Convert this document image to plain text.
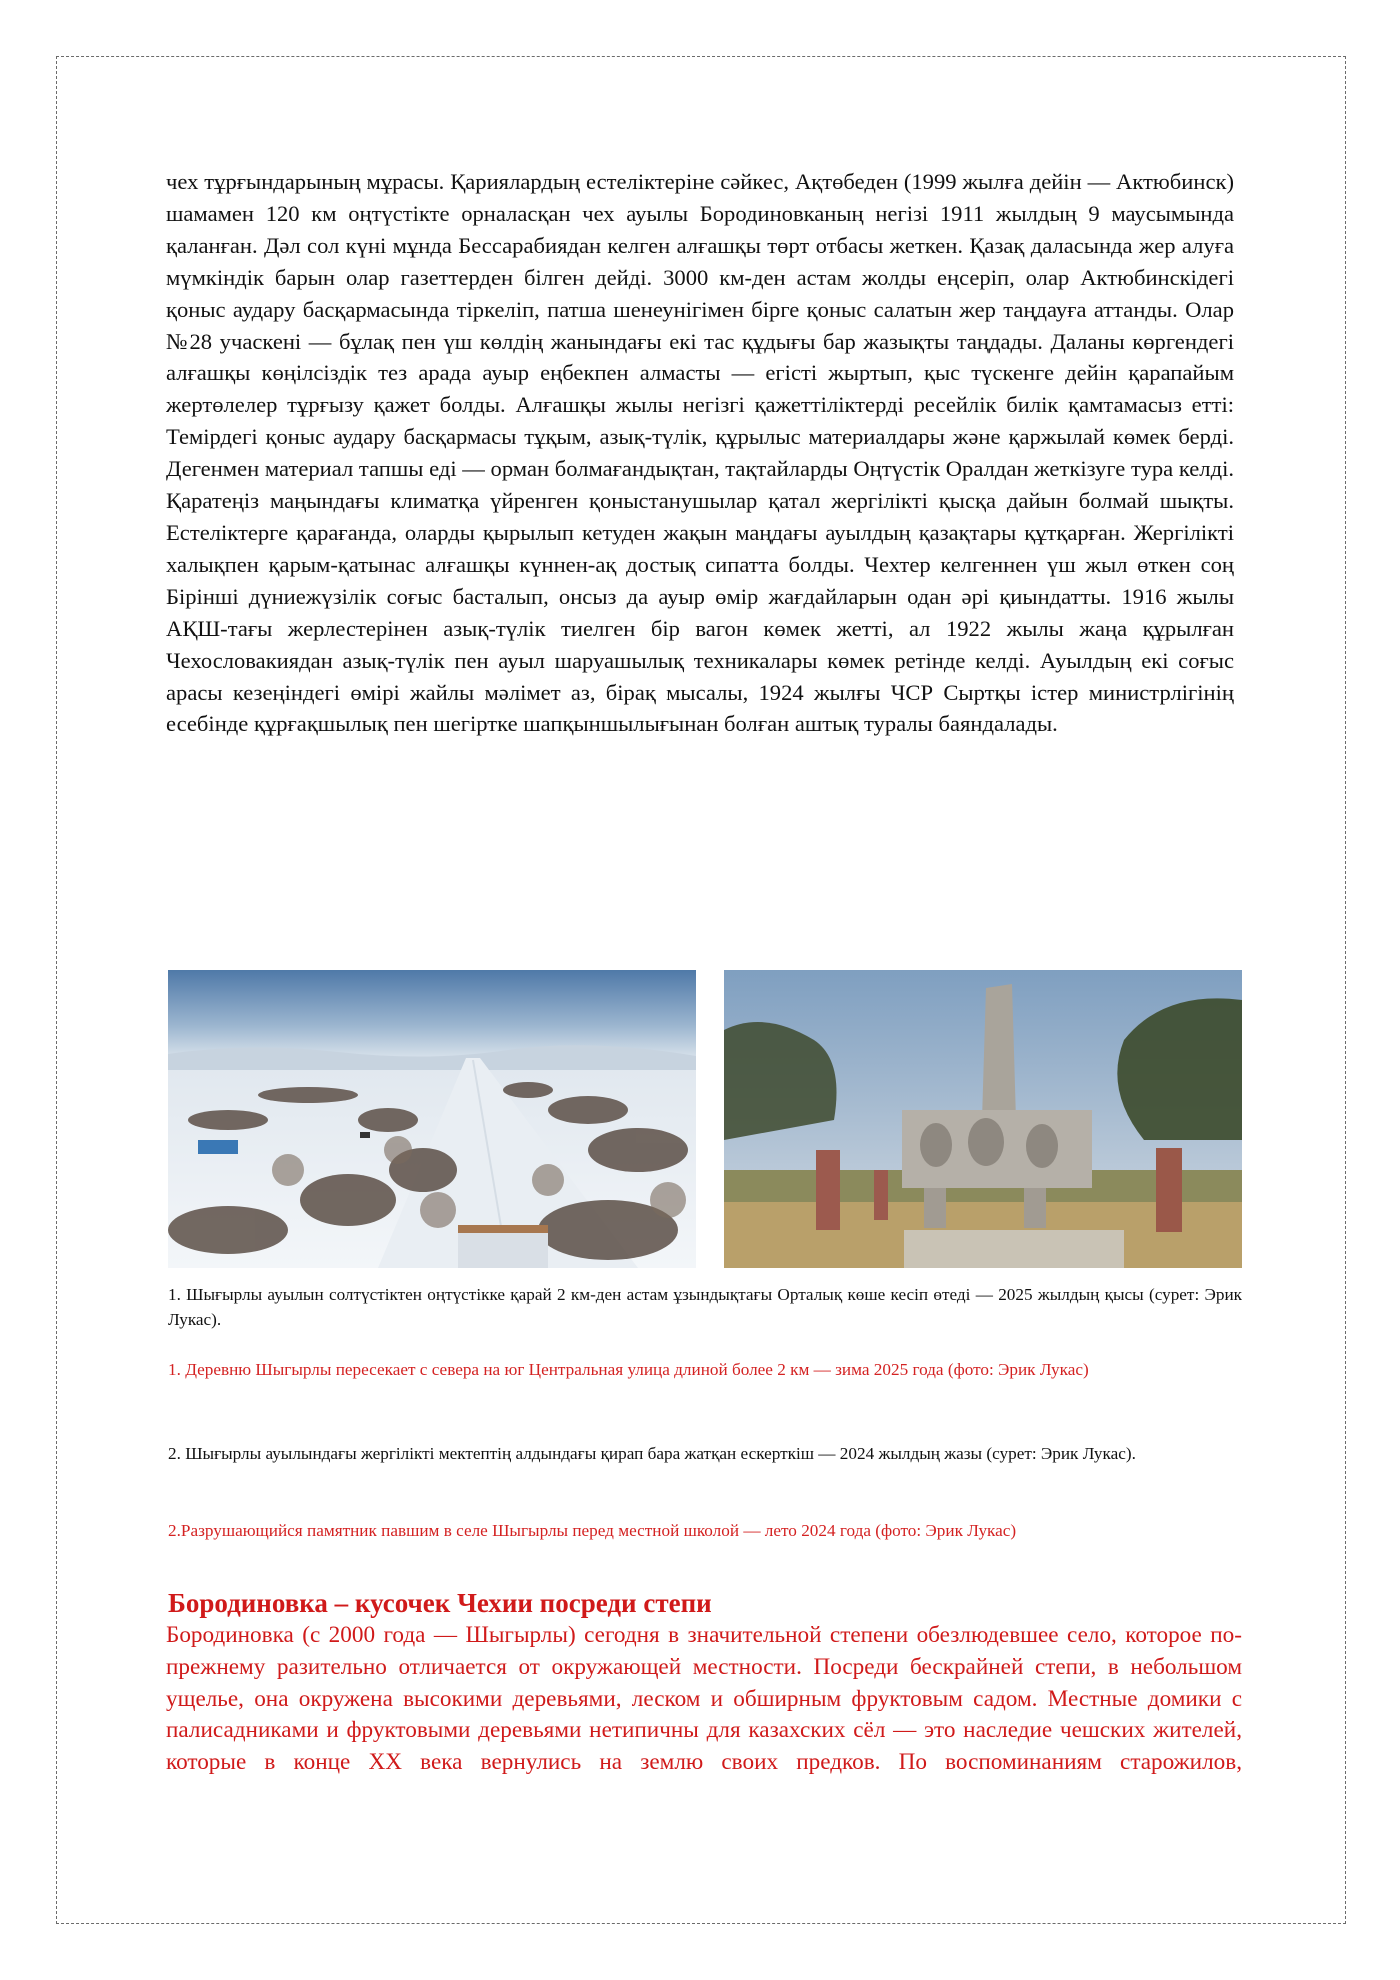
чех тұрғындарының мұрасы. Қариялардың естеліктеріне сәйкес, Ақтөбеден (1999 жылға дейін — Актюбинск) шамамен 120 км оңтүстікте орналасқан чех ауылы Бородиновканың негізі 1911 жылдың 9 маусымында қаланған. Дәл сол күні мұнда Бессарабиядан келген алғашқы төрт отбасы жеткен. Қазақ даласында жер алуға мүмкіндік барын олар газеттерден білген дейді. 3000 км-ден астам жолды еңсеріп, олар Актюбинскідегі қоныс аудару басқармасында тіркеліп, патша шенеунігімен бірге қоныс салатын жер таңдауға аттанды. Олар №28 учаскені — бұлақ пен үш көлдің жанындағы екі тас құдығы бар жазықты таңдады. Даланы көргендегі алғашқы көңілсіздік тез арада ауыр еңбекпен алмасты — егісті жыртып, қыс түскенге дейін қарапайым жертөлелер тұрғызу қажет болды. Алғашқы жылы негізгі қажеттіліктерді ресейлік билік қамтамасыз етті: Темірдегі қоныс аудару басқармасы тұқым, азық-түлік, құрылыс материалдары және қаржылай көмек берді. Дегенмен материал тапшы еді — орман болмағандықтан, тақтайларды Оңтүстік Оралдан жеткізуге тура келді. Қаратеңіз маңындағы климатқа үйренген қоныстанушылар қатал жергілікті қысқа дайын болмай шықты. Естеліктерге қарағанда, оларды қырылып кетуден жақын маңдағы ауылдың қазақтары құтқарған. Жергілікті халықпен қарым-қатынас алғашқы күннен-ақ достық сипатта болды. Чехтер келгеннен үш жыл өткен соң Бірінші дүниежүзілік соғыс басталып, онсыз да ауыр өмір жағдайларын одан әрі қиындатты. 1916 жылы АҚШ-тағы жерлестерінен азық-түлік тиелген бір вагон көмек жетті, ал 1922 жылы жаңа құрылған Чехословакиядан азық-түлік пен ауыл шаруашылық техникалары көмек ретінде келді. Ауылдың екі соғыс арасы кезеңіндегі өмірі жайлы мәлімет аз, бірақ мысалы, 1924 жылғы ЧСР Сыртқы істер министрлігінің есебінде құрғақшылық пен шегіртке шапқыншылығынан болған аштық туралы баяндалады.

1. Шығырлы ауылын солтүстіктен оңтүстікке қарай 2 км-ден астам ұзындықтағы Орталық көше кесіп өтеді — 2025 жылдың қысы (сурет: Эрик Лукас).

1. Деревню Шыгырлы пересекает с севера на юг Центральная улица длиной более 2 км — зима 2025 года (фото: Эрик Лукас)

2. Шығырлы ауылындағы жергілікті мектептің алдындағы қирап бара жатқан ескерткіш — 2024 жылдың жазы (сурет: Эрик Лукас).

2.Разрушающийся памятник павшим в селе Шыгырлы перед местной школой — лето 2024 года (фото: Эрик Лукас)

Бородиновка – кусочек Чехии посреди степи

Бородиновка (с 2000 года — Шыгырлы) сегодня в значительной степени обезлюдевшее село, которое по-прежнему разительно отличается от окружающей местности. Посреди бескрайней степи, в небольшом ущелье, она окружена высокими деревьями, леском и обширным фруктовым садом. Местные домики с палисадниками и фруктовыми деревьями нетипичны для казахских сёл — это наследие чешских жителей, которые в конце XX века вернулись на землю своих предков. По воспоминаниям старожилов,
